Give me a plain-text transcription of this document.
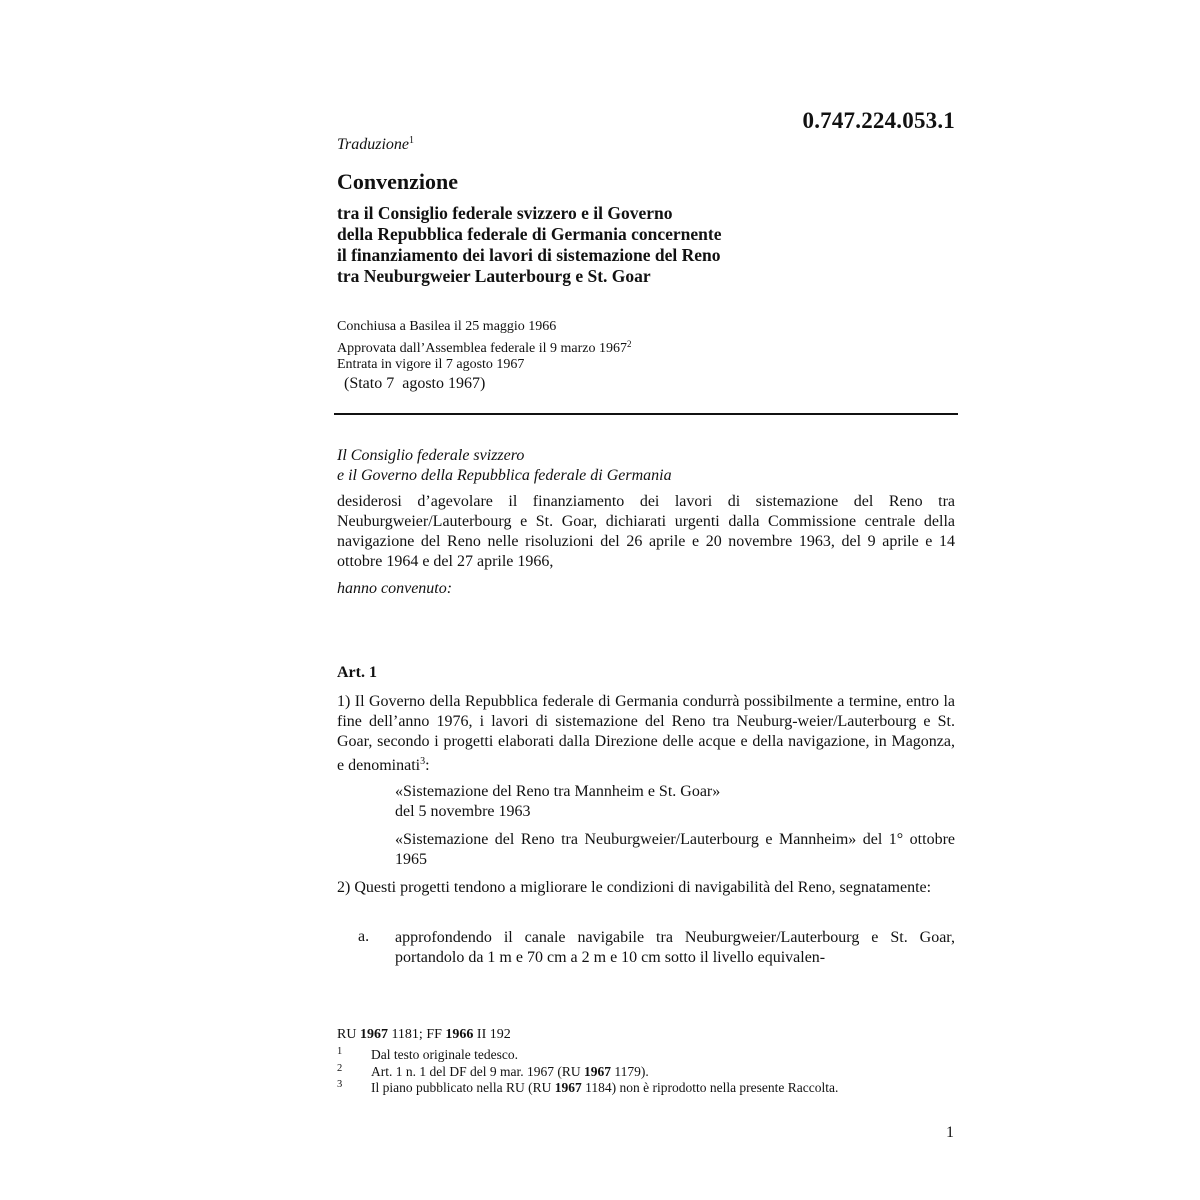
0.747.224.053.1
Traduzione$^1$
Convenzione
tra il Consiglio federale svizzero e il Governo
della Repubblica federale di Germania concernente
il finanziamento dei lavori di sistemazione del Reno
tra Neuburgweier Lauterbourg e St. Goar
Conchiusa a Basilea il 25 maggio 1966
Approvata dall’Assemblea federale il 9 marzo 1967$^2$
Entrata in vigore il 7 agosto 1967
(Stato 7  agosto 1967)
Il Consiglio federale svizzero
e il Governo della Repubblica federale di Germania
desiderosi d’agevolare il finanziamento dei lavori di sistemazione del Reno tra Neuburgweier/Lauterbourg e St. Goar, dichiarati urgenti dalla Commissione centrale della navigazione del Reno nelle risoluzioni del 26 aprile e 20 novembre 1963, del 9 aprile e 14 ottobre 1964 e del 27 aprile 1966,
hanno convenuto:
Art. 1
1) Il Governo della Repubblica federale di Germania condurrà possibilmente a termine, entro la fine dell’anno 1976, i lavori di sistemazione del Reno tra Neuburg-weier/Lauterbourg e St. Goar, secondo i progetti elaborati dalla Direzione delle acque e della navigazione, in Magonza, e denominati$^3$:
«Sistemazione del Reno tra Mannheim e St. Goar»
del 5 novembre 1963
«Sistemazione del Reno tra Neuburgweier/Lauterbourg e Mannheim» del 1° ottobre 1965
2) Questi progetti tendono a migliorare le condizioni di navigabilità del Reno, segnatamente:
a. approfondendo il canale navigabile tra Neuburgweier/Lauterbourg e St. Goar, portandolo da 1 m e 70 cm a 2 m e 10 cm sotto il livello equivalen-
RU 1967 1181; FF 1966 II 192
1 Dal testo originale tedesco.
2 Art. 1 n. 1 del DF del 9 mar. 1967 (RU 1967 1179).
3 Il piano pubblicato nella RU (RU 1967 1184) non è riprodotto nella presente Raccolta.
1
